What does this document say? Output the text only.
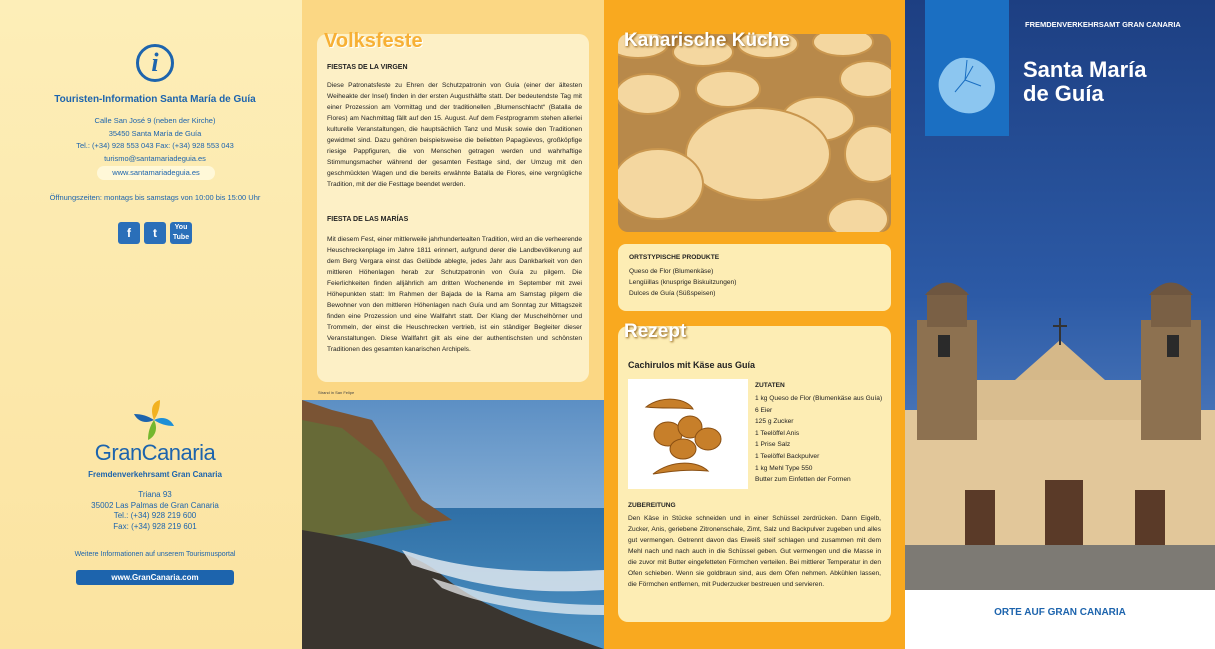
i
Touristen-Information Santa María de Guía
Calle San José 9 (neben der Kirche)
35450 Santa María de Guía
Tel.: (+34) 928 553 043 Fax: (+34) 928 553 043
turismo@santamariadeguia.es
www.santamariadeguia.es
Öffnungszeiten: montags bis samstags von 10:00 bis 15:00 Uhr
f	t	You Tube
GranCanaria
Fremdenverkehrsamt Gran Canaria
Triana 93
35002 Las Palmas de Gran Canaria
Tel.: (+34) 928 219 600
Fax: (+34) 928 219 601
Weitere Informationen auf unserem Tourismusportal
www.GranCanaria.com
Volksfeste
FIESTAS DE LA VIRGEN
Diese Patronatsfeste zu Ehren der Schutzpatronin von Guía (einer der ältesten Weiheakte der Insel) finden in der ersten Augusthälfte statt. Der bedeutendste Tag mit einer Prozession am Vormittag und der traditionellen „Blumenschlacht“ (Batalla de Flores) am Nachmittag fällt auf den 15. August. Auf dem Festprogramm stehen allerlei kulturelle Veranstaltungen, die hauptsächlich Tanz und Musik sowie den Traditionen gewidmet sind. Dazu gehören beispielsweise die beliebten Papagüevos, großköpfige riesige Pappfiguren, die von Menschen getragen werden und wahrhaftige Stimmungsmacher während der gesamten Festtage sind, der Umzug mit den geschmückten Wagen und die bereits erwähnte Batalla de Flores, eine vergnügliche Tradition, mit der die Festtage beendet werden.
FIESTA DE LAS MARÍAS
Mit diesem Fest, einer mittlerweile jahrhundertealten Tradition, wird an die verheerende Heuschreckenplage im Jahre 1811 erinnert, aufgrund derer die Landbevölkerung auf dem Berg Vergara einst das Gelübde ablegte, jedes Jahr aus Dankbarkeit von den mittleren Höhenlagen herab zur Schutzpatronin von Guía zu pilgern. Die Feierlichkeiten finden alljährlich am dritten Wochenende im September mit zwei Höhepunkten statt: Im Rahmen der Bajada de la Rama am Samstag pilgern die Bewohner von den mittleren Höhenlagen nach Guía und am Sonntag zur Mittagszeit finden eine Prozession und eine Wallfahrt statt. Der Klang der Muschelhörner und Trommeln, der einst die Heuschrecken vertrieb, ist ein ständiger Begleiter dieser Veranstaltungen. Diese Wallfahrt gilt als eine der authentischsten und schönsten Traditionen des gesamten kanarischen Archipels.
Strand in San Felipe
Kanarische Küche
ORTSTYPISCHE PRODUKTE
Queso de Flor (Blumenkäse)
Lengüillas (knusprige Biskuitzungen)
Dulces de Guía (Süßspeisen)
Rezept
Cachirulos mit Käse aus Guía
ZUTATEN
1 kg Queso de Flor (Blumenkäse aus Guía)
6 Eier
125 g Zucker
1 Teelöffel Anis
1 Prise Salz
1 Teelöffel Backpulver
1 kg Mehl Type 550
Butter zum Einfetten der Formen
ZUBEREITUNG
Den Käse in Stücke schneiden und in einer Schüssel zerdrücken. Dann Eigelb, Zucker, Anis, geriebene Zitronenschale, Zimt, Salz und Backpulver zugeben und alles gut vermengen. Getrennt davon das Eiweiß steif schlagen und zusammen mit dem Mehl nach und nach auch in die Schüssel geben. Gut vermengen und die Masse in die zuvor mit Butter eingefetteten Förmchen verteilen. Bei mittlerer Temperatur in den Ofen schieben. Wenn sie goldbraun sind, aus dem Ofen nehmen. Abkühlen lassen, die Förmchen entfernen, mit Puderzucker bestreuen und servieren.
FREMDENVERKEHRSAMT GRAN CANARIA
Santa María
de Guía
ORTE AUF GRAN CANARIA
